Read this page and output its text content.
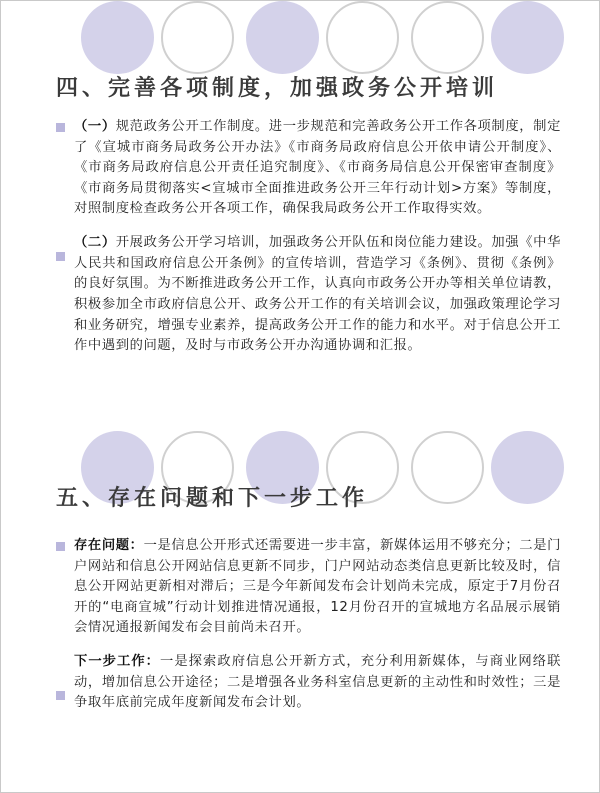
四、完善各项制度，加强政务公开培训

（一）规范政务公开工作制度。进一步规范和完善政务公开工作各项制度，制定了《宣城市商务局政务公开办法》《市商务局政府信息公开依申请公开制度》、《市商务局政府信息公开责任追究制度》、《市商务局信息公开保密审查制度》《市商务局贯彻落实<宣城市全面推进政务公开三年行动计划>方案》等制度，对照制度检查政务公开各项工作，确保我局政务公开工作取得实效。

（二）开展政务公开学习培训，加强政务公开队伍和岗位能力建设。加强《中华人民共和国政府信息公开条例》的宣传培训，营造学习《条例》、贯彻《条例》的良好氛围。为不断推进政务公开工作，认真向市政务公开办等相关单位请教，积极参加全市政府信息公开、政务公开工作的有关培训会议，加强政策理论学习和业务研究，增强专业素养，提高政务公开工作的能力和水平。对于信息公开工作中遇到的问题，及时与市政务公开办沟通协调和汇报。

五、存在问题和下一步工作

存在问题：一是信息公开形式还需要进一步丰富，新媒体运用不够充分；二是门户网站和信息公开网站信息更新不同步，门户网站动态类信息更新比较及时，信息公开网站更新相对滞后；三是今年新闻发布会计划尚未完成，原定于7月份召开的“电商宣城”行动计划推进情况通报，12月份召开的宣城地方名品展示展销会情况通报新闻发布会目前尚未召开。

下一步工作：一是探索政府信息公开新方式，充分利用新媒体，与商业网络联动，增加信息公开途径；二是增强各业务科室信息更新的主动性和时效性；三是争取年底前完成年度新闻发布会计划。
